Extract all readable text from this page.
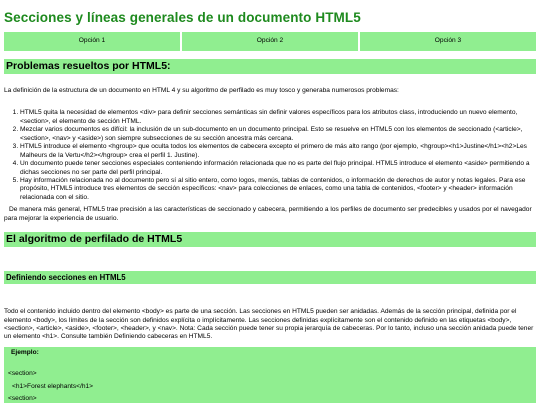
Secciones y líneas generales de un documento HTML5
Opción 1	Opción 2	Opción 3
Problemas resueltos por HTML5:

La definición de la estructura de un documento en HTML 4 y su algoritmo de perfilado es muy tosco y generaba numerosos problemas:

1. HTML5 quita la necesidad de elementos <div> para definir secciones semánticas sin definir valores específicos para los atributos class, introduciendo un nuevo elemento, <section>, el elemento de sección HTML.
2. Mezclar varios documentos es difícil: la inclusión de un sub-documento en un documento principal. Esto se resuelve en HTML5 con los elementos de seccionado (<article>, <section>, <nav> y <aside>) son siempre subsecciones de su sección ancestra más cercana.
3. HTML5 introduce el elemento <hgroup> que oculta todos los elementos de cabecera excepto el primero de más alto rango (por ejemplo, <hgroup><h1>Justine</h1><h2>Les Malheurs de la Vertu</h2></hgroup> crea el perfil 1. Justine).
4. Un documento puede tener secciones especiales conteniendo información relacionada que no es parte del flujo principal. HTML5 introduce el elemento <aside> permitiendo a dichas secciones no ser parte del perfil principal.
5. Hay información relacionada no al documento pero sí al sitio entero, como logos, menús, tablas de contenidos, o información de derechos de autor y notas legales. Para ese propósito, HTML5 introduce tres elementos de sección específicos: <nav> para colecciones de enlaces, como una tabla de contenidos, <footer> y <header> información relacionada con el sitio.

De manera más general, HTML5 trae precisión a las características de seccionado y cabecera, permitiendo a los perfiles de documento ser predecibles y usados por el navegador para mejorar la experiencia de usuario.

El algoritmo de perfilado de HTML5
Definiendo secciones en HTML5

Todo el contenido incluido dentro del elemento <body> es parte de una sección. Las secciones en HTML5 pueden ser anidadas. Además de la sección principal, definida por el elemento <body>, los límites de la sección son definidos explícita o implícitamente. Las secciones definidas explícitamente son el contenido definido en las etiquetas <body>, <section>, <article>, <aside>, <footer>, <header>, y <nav>. Nota: Cada sección puede tener su propia jerarquía de cabeceras. Por lo tanto, incluso una sección anidada puede tener un elemento <h1>. Consulte también Definiendo cabeceras en HTML5.

Ejemplo:
<section>
<h1>Forest elephants</h1>
<section>
